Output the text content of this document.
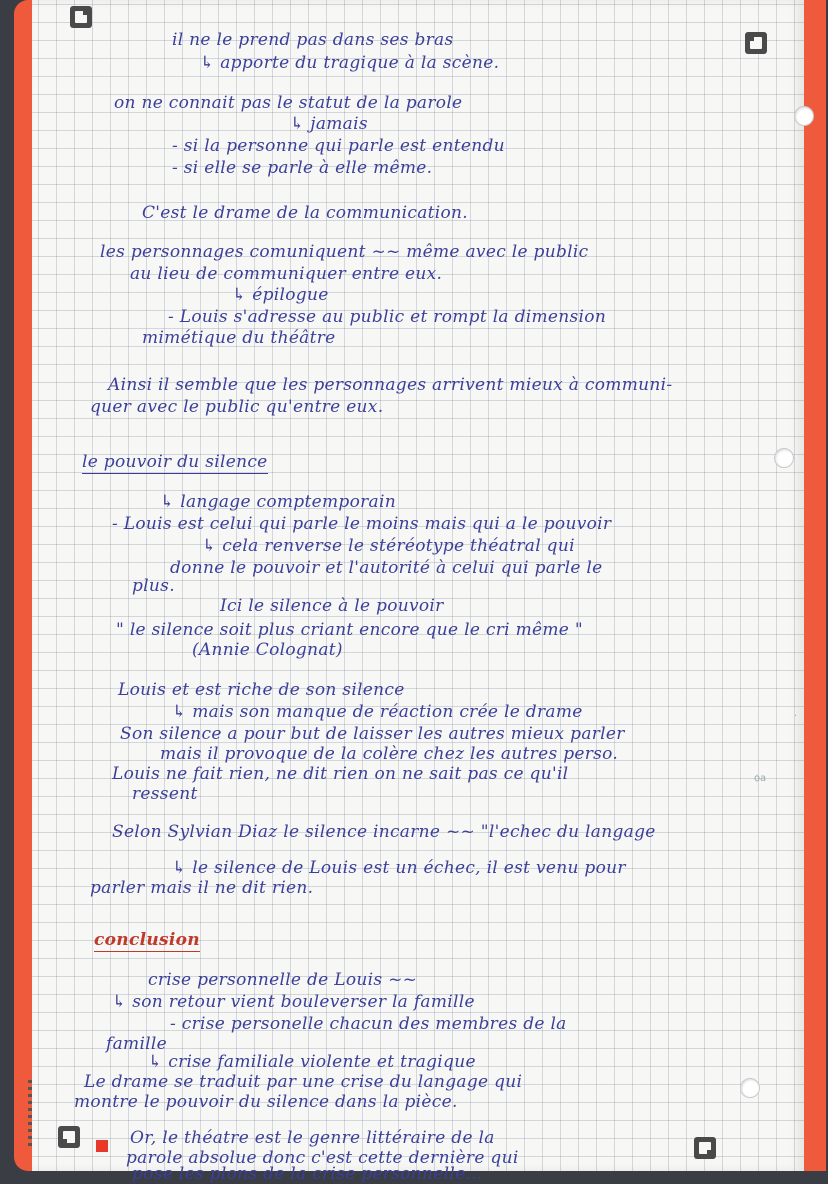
ꟁa
.

il ne le prend pas dans ses bras

↳ apporte du tragique à la scène.

on ne connait pas le statut de la parole

↳ jamais

- si la personne qui parle est entendu

- si elle se parle à elle même.

C'est le drame de la communication.

les personnages comuniquent ~~ même avec le public

au lieu de communiquer entre eux.

↳ épilogue

- Louis s'adresse au public et rompt la dimension

mimétique du théâtre

Ainsi il semble que les personnages arrivent mieux à communi-

quer avec le public qu'entre eux.

le pouvoir du silence

↳ langage comptemporain

- Louis est celui qui parle le moins mais qui a le pouvoir

↳ cela renverse le stéréotype théatral qui

donne le pouvoir et l'autorité à celui qui parle le

plus.

Ici le silence à le pouvoir

" le silence soit plus criant encore que le cri même "

(Annie Colognat)

Louis et est riche de son silence

↳ mais son manque de réaction crée le drame

Son silence a pour but de laisser les autres mieux parler

mais il provoque de la colère chez les autres perso.

Louis ne fait rien, ne dit rien on ne sait pas ce qu'il

ressent

Selon Sylvian Diaz le silence incarne ~~ "l'echec du langage

↳ le silence de Louis est un échec, il est venu pour

parler mais il ne dit rien.

conclusion

crise personnelle de Louis ~~

↳ son retour vient bouleverser la famille

- crise personelle chacun des membres de la

famille

↳ crise familiale violente et tragique

Le drame se traduit par une crise du langage qui

montre le pouvoir du silence dans la pièce.

Or, le théatre est le genre littéraire de la

parole absolue donc c'est cette dernière qui

pose les plons de la crise personnelle...
